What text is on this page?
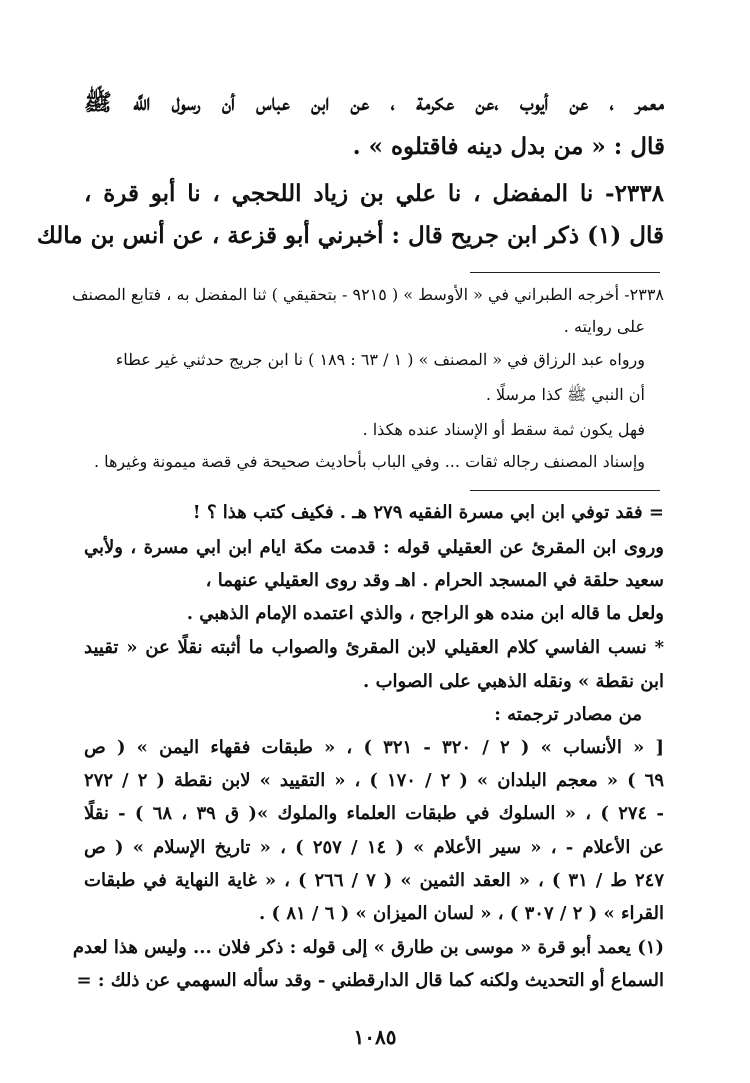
معمر ، عن أيوب ،عن عكرمة ، عن ابن عباس أن رسول اللَّه ﷺ
قال : « من بدل دينه فاقتلوه » .
٢٣٣٨- نا المفضل ، نا علي بن زياد اللحجي ، نا أبو قرة ،
قال (١) ذكر ابن جريح قال : أخبرني أبو قزعة ، عن أنس بن مالك
٢٣٣٨- أخرجه الطبراني في « الأوسط » ( ٩٢١٥ - بتحقيقي ) ثنا المفضل به ، فتابع المصنف
على روايته .
ورواه عبد الرزاق في « المصنف » ( ١ / ٦٣ : ١٨٩ ) نا ابن جريج حدثني غير عطاء
أن النبي ﷺ كذا مرسلًا .
فهل يكون ثمة سقط أو الإسناد عنده هكذا .
وإسناد المصنف رجاله ثقات ... وفي الباب بأحاديث صحيحة في قصة ميمونة وغيرها .
= فقد توفي ابن ابي مسرة الفقيه ٢٧٩ هـ . فكيف كتب هذا ؟ !
وروى ابن المقرئ عن العقيلي قوله : قدمت مكة ايام ابن ابي مسرة ، ولأبي
سعيد حلقة في المسجد الحرام . اهـ وقد روى العقيلي عنهما ،
ولعل ما قاله ابن منده هو الراجح ، والذي اعتمده الإمام الذهبي .
* نسب الفاسي كلام العقيلي لابن المقرئ والصواب ما أثبته نقلًا عن « تقييد
ابن نقطة » ونقله الذهبي على الصواب .
من مصادر ترجمته :
[ « الأنساب » ( ٢ / ٣٢٠ - ٣٢١ ) ، « طبقات فقهاء اليمن » ( ص
٦٩ ) « معجم البلدان » ( ٢ / ١٧٠ ) ، « التقييد » لابن نقطة ( ٢ / ٢٧٢
- ٢٧٤ ) ، « السلوك في طبقات العلماء والملوك »( ق ٣٩ ، ٦٨ ) - نقلًا
عن الأعلام - ، « سير الأعلام » ( ١٤ / ٢٥٧ ) ، « تاريخ الإسلام » ( ص
٢٤٧ ط / ٣١ ) ، « العقد الثمين » ( ٧ / ٢٦٦ ) ، « غاية النهاية في طبقات
القراء » ( ٢ / ٣٠٧ ) ، « لسان الميزان » ( ٦ / ٨١ ) .
(١) يعمد أبو قرة « موسى بن طارق » إلى قوله : ذكر فلان ... وليس هذا لعدم
السماع أو التحديث ولكنه كما قال الدارقطني - وقد سأله السهمي عن ذلك : =
١٠٨٥
